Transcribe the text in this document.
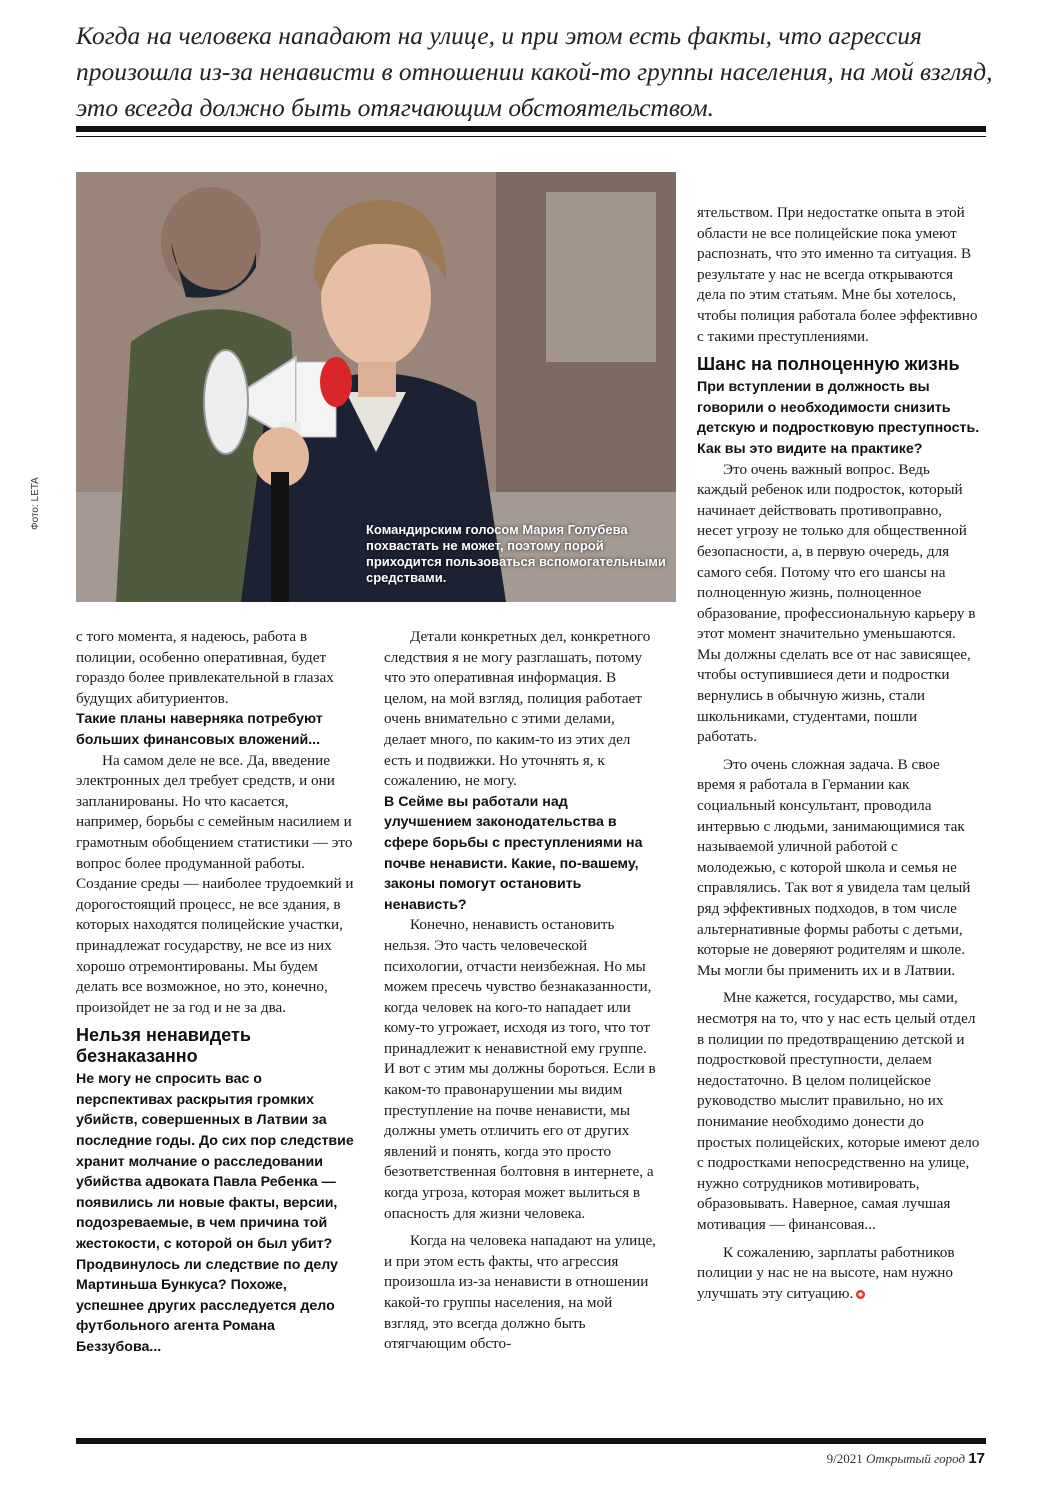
Когда на человека нападают на улице, и при этом есть факты, что агрессия произошла из-за ненависти в отношении какой-то группы населения, на мой взгляд, это всегда должно быть отягчающим обстоятельством.

Командирским голосом Мария Голубева похвастать не может, поэтому порой приходится пользоваться вспомогательными средствами.

Фото: LETA

с того момента, я надеюсь, работа в полиции, особенно оперативная, будет гораздо более привлекательной в глазах будущих абитуриентов.

Такие планы наверняка потребуют больших финансовых вложений...

На самом деле не все. Да, введение электронных дел требует средств, и они запланированы. Но что касается, например, борьбы с семейным насилием и грамотным обобщением статистики — это вопрос более продуманной работы. Создание среды — наиболее трудоемкий и дорогостоящий процесс, не все здания, в которых находятся полицейские участки, принадлежат государству, не все из них хорошо отремонтированы. Мы будем делать все возможное, но это, конечно, произойдет не за год и не за два.

Нельзя ненавидеть безнаказанно

Не могу не спросить вас о перспективах раскрытия громких убийств, совершенных в Латвии за последние годы. До сих пор следствие хранит молчание о расследовании убийства адвоката Павла Ребенка — появились ли новые факты, версии, подозреваемые, в чем причина той жестокости, с которой он был убит? Продвинулось ли следствие по делу Мартиньша Бункуса? Похоже, успешнее других расследуется дело футбольного агента Романа Беззубова...

Детали конкретных дел, конкретного следствия я не могу разглашать, потому что это оперативная информация. В целом, на мой взгляд, полиция работает очень внимательно с этими делами, делает много, по каким-то из этих дел есть и подвижки. Но уточнять я, к сожалению, не могу.

В Сейме вы работали над улучшением законодательства в сфере борьбы с преступлениями на почве ненависти. Какие, по-вашему, законы помогут остановить ненависть?

Конечно, ненависть остановить нельзя. Это часть человеческой психологии, отчасти неизбежная. Но мы можем пресечь чувство безнаказанности, когда человек на кого-то нападает или кому-то угрожает, исходя из того, что тот принадлежит к ненавистной ему группе. И вот с этим мы должны бороться. Если в каком-то правонарушении мы видим преступление на почве ненависти, мы должны уметь отличить его от других явлений и понять, когда это просто безответственная болтовня в интернете, а когда угроза, которая может вылиться в опасность для жизни человека.

Когда на человека нападают на улице, и при этом есть факты, что агрессия произошла из-за ненависти в отношении какой-то группы населения, на мой взгляд, это всегда должно быть отягчающим обсто-

ятельством. При недостатке опыта в этой области не все полицейские пока умеют распознать, что это именно та ситуация. В результате у нас не всегда открываются дела по этим статьям. Мне бы хотелось, чтобы полиция работала более эффективно с такими преступлениями.

Шанс на полноценную жизнь

При вступлении в должность вы говорили о необходимости снизить детскую и подростковую преступность. Как вы это видите на практике?

Это очень важный вопрос. Ведь каждый ребенок или подросток, который начинает действовать противоправно, несет угрозу не только для общественной безопасности, а, в первую очередь, для самого себя. Потому что его шансы на полноценную жизнь, полноценное образование, профессиональную карьеру в этот момент значительно уменьшаются. Мы должны сделать все от нас зависящее, чтобы оступившиеся дети и подростки вернулись в обычную жизнь, стали школьниками, студентами, пошли работать.

Это очень сложная задача. В свое время я работала в Германии как социальный консультант, проводила интервью с людьми, занимающимися так называемой уличной работой с молодежью, с которой школа и семья не справлялись. Так вот я увидела там целый ряд эффективных подходов, в том числе альтернативные формы работы с детьми, которые не доверяют родителям и школе. Мы могли бы применить их и в Латвии.

Мне кажется, государство, мы сами, несмотря на то, что у нас есть целый отдел в полиции по предотвращению детской и подростковой преступности, делаем недостаточно. В целом полицейское руководство мыслит правильно, но их понимание необходимо донести до простых полицейских, которые имеют дело с подростками непосредственно на улице, нужно сотрудников мотивировать, образовывать. Наверное, самая лучшая мотивация — финансовая...

К сожалению, зарплаты работников полиции у нас не на высоте, нам нужно улучшать эту ситуацию.

9/2021 Открытый город 17
